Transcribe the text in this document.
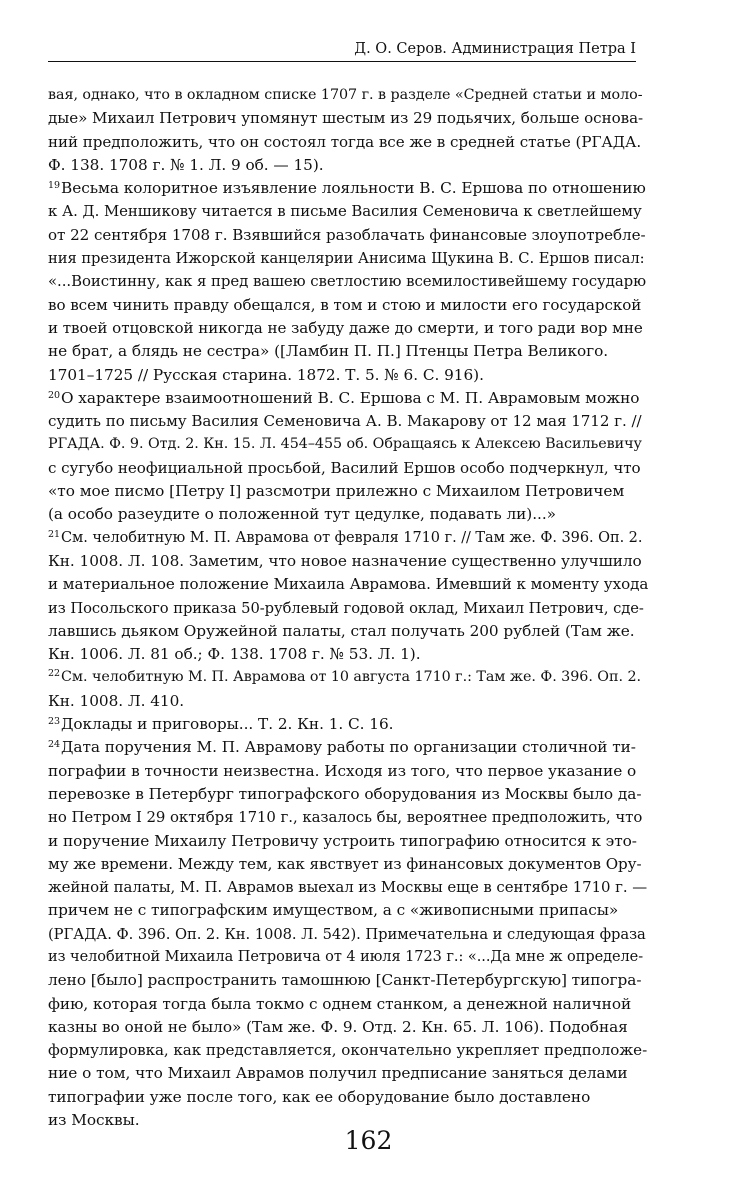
Д. О. Серов. Администрация Петра I
вая, однако, что в окладном списке 1707 г. в разделе «Средней статьи и моло-
дые» Михаил Петрович упомянут шестым из 29 подьячих, больше основа-
ний предположить, что он состоял тогда все же в средней статье (РГАДА.
Ф. 138. 1708 г. № 1. Л. 9 об. — 15).
$^{19}$Весьма колоритное изъявление лояльности В. С. Ершова по отношению
к А. Д. Меншикову читается в письме Василия Семеновича к светлейшему
от 22 сентября 1708 г. Взявшийся разоблачать финансовые злоупотребле-
ния президента Ижорской канцелярии Анисима Щукина В. С. Ершов писал:
«...Воистинну, как я пред вашею светлостию всемилостивейшему государю
во всем чинить правду обещался, в том и стою и милости его государской
и твоей отцовской никогда не забуду даже до смерти, и того ради вор мне
не брат, а блядь не сестра» ([Ламбин П. П.] Птенцы Петра Великого.
1701–1725 // Русская старина. 1872. Т. 5. № 6. С. 916).
$^{20}$О характере взаимоотношений В. С. Ершова с М. П. Аврамовым можно
судить по письму Василия Семеновича А. В. Макарову от 12 мая 1712 г. //
РГАДА. Ф. 9. Отд. 2. Кн. 15. Л. 454–455 об. Обращаясь к Алексею Васильевичу
с сугубо неофициальной просьбой, Василий Ершов особо подчеркнул, что
«то мое писмо [Петру I] разсмотри прилежно с Михаилом Петровичем
(а особо разеудите о положенной тут цедулке, подавать ли)...»
$^{21}$См. челобитную М. П. Аврамова от февраля 1710 г. // Там же. Ф. 396. Оп. 2.
Кн. 1008. Л. 108. Заметим, что новое назначение существенно улучшило
и материальное положение Михаила Аврамова. Имевший к моменту ухода
из Посольского приказа 50-рублевый годовой оклад, Михаил Петрович, сде-
лавшись дьяком Оружейной палаты, стал получать 200 рублей (Там же.
Кн. 1006. Л. 81 об.; Ф. 138. 1708 г. № 53. Л. 1).
$^{22}$См. челобитную М. П. Аврамова от 10 августа 1710 г.: Там же. Ф. 396. Оп. 2.
Кн. 1008. Л. 410.
$^{23}$Доклады и приговоры... Т. 2. Кн. 1. С. 16.
$^{24}$Дата поручения М. П. Аврамову работы по организации столичной ти-
пографии в точности неизвестна. Исходя из того, что первое указание о
перевозке в Петербург типографского оборудования из Москвы было да-
но Петром I 29 октября 1710 г., казалось бы, вероятнее предположить, что
и поручение Михаилу Петровичу устроить типографию относится к это-
му же времени. Между тем, как явствует из финансовых документов Ору-
жейной палаты, М. П. Аврамов выехал из Москвы еще в сентябре 1710 г. —
причем не с типографским имуществом, а с «живописными припасы»
(РГАДА. Ф. 396. Оп. 2. Кн. 1008. Л. 542). Примечательна и следующая фраза
из челобитной Михаила Петровича от 4 июля 1723 г.: «...Да мне ж определе-
лено [было] распространить тамошнюю [Санкт-Петербургскую] типогра-
фию, которая тогда была токмо с однем станком, а денежной наличной
казны во оной не было» (Там же. Ф. 9. Отд. 2. Кн. 65. Л. 106). Подобная
формулировка, как представляется, окончательно укрепляет предположе-
ние о том, что Михаил Аврамов получил предписание заняться делами
типографии уже после того, как ее оборудование было доставлено
из Москвы.
162
